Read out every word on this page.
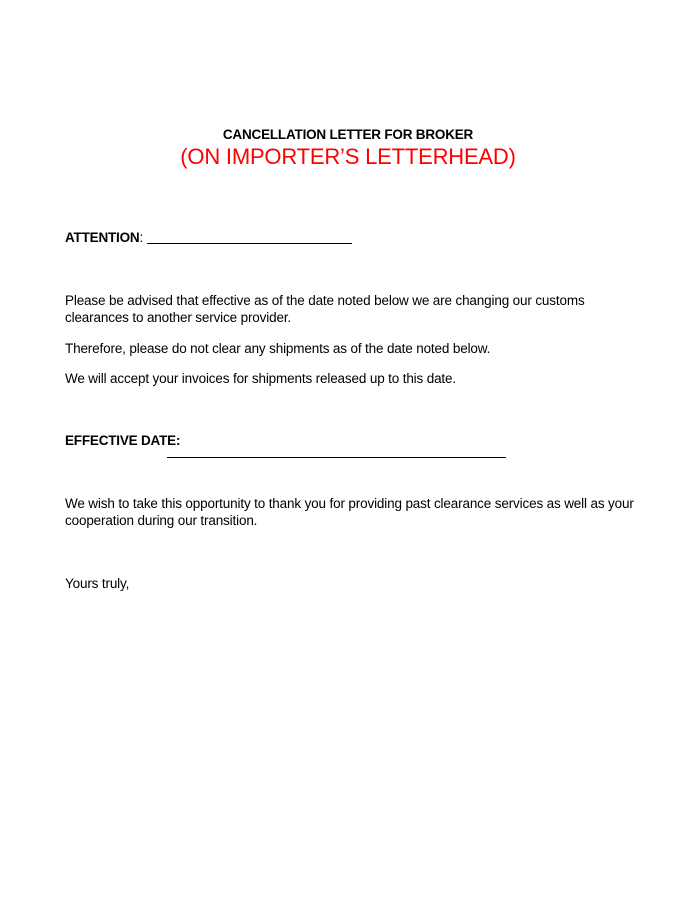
CANCELLATION LETTER FOR BROKER
(ON IMPORTER’S LETTERHEAD)
ATTENTION:
Please be advised that effective as of the date noted below we are changing our customs clearances to another service provider.
Therefore, please do not clear any shipments as of the date noted below.
We will accept your invoices for shipments released up to this date.
EFFECTIVE DATE:
We wish to take this opportunity to thank you for providing past clearance services as well as your cooperation during our transition.
Yours truly,
